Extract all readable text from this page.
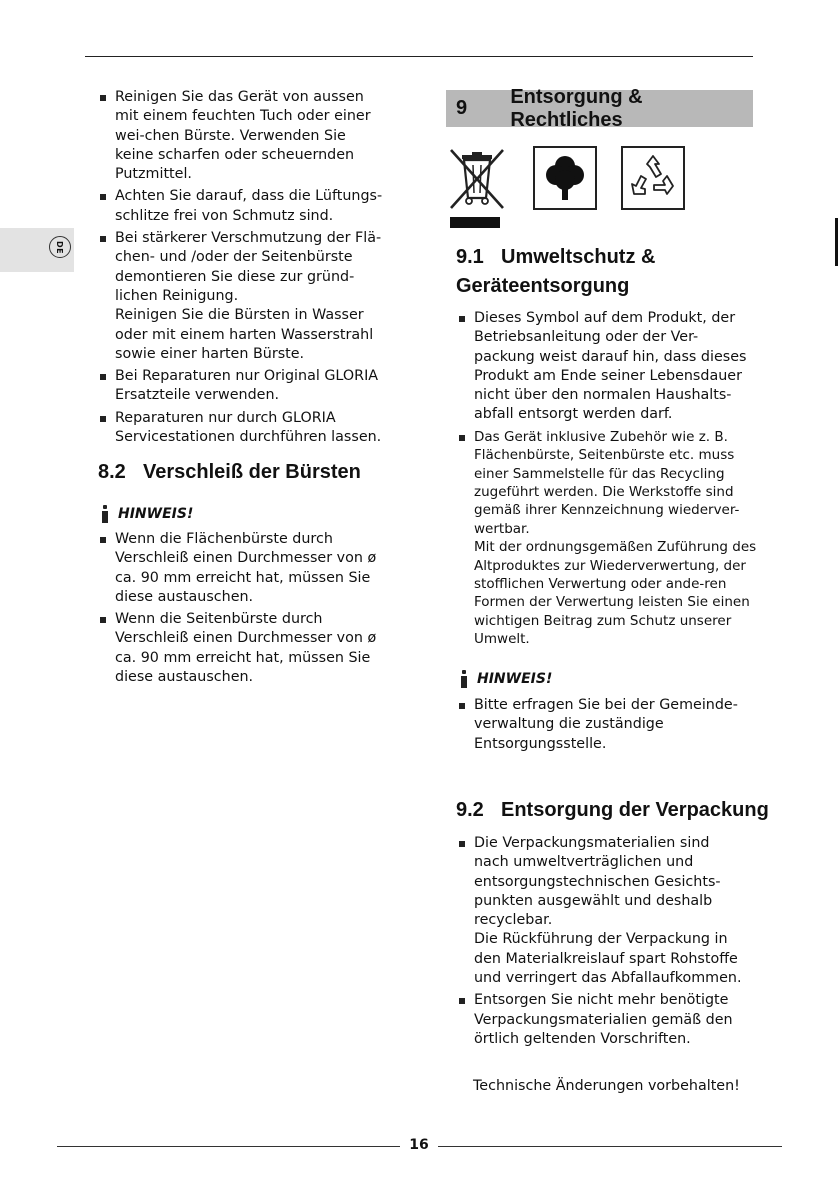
DE
Reinigen Sie das Gerät von aussen mit einem feuchten Tuch oder einer wei-chen Bürste. Verwenden Sie keine scharfen oder scheuernden Putzmittel.
Achten Sie darauf, dass die Lüftungs-schlitze frei von Schmutz sind.

Bei stärkerer Verschmutzung der Flä-chen- und /oder der Seitenbürste demontieren Sie diese zur gründ-lichen Reinigung.

Reinigen Sie die Bürsten in Wasser oder mit einem harten Wasserstrahl sowie einer harten Bürste.

Bei Reparaturen nur Original GLORIA Ersatzteile verwenden.
Reparaturen nur durch GLORIA Servicestationen durchführen lassen.
8.2 Verschleiß der Bürsten
HINWEIS!
Wenn die Flächenbürste durch Verschleiß einen Durchmesser von ø ca. 90 mm erreicht hat, müssen Sie diese austauschen.
Wenn die Seitenbürste durch Verschleiß einen Durchmesser von ø ca. 90 mm erreicht hat, müssen Sie diese austauschen.
9
Entsorgung & Rechtliches
9.1 Umweltschutz &
Geräteentsorgung
Dieses Symbol auf dem Produkt, der Betriebsanleitung oder der Ver-packung weist darauf hin, dass dieses Produkt am Ende seiner Lebensdauer nicht über den normalen Haushalts-abfall entsorgt werden darf.

Das Gerät inklusive Zubehör wie z. B. Flächenbürste, Seitenbürste etc. muss einer Sammelstelle für das Recycling zugeführt werden. Die Werkstoffe sind gemäß ihrer Kennzeichnung wiederver-wertbar.

Mit der ordnungsgemäßen Zuführung des Altproduktes zur Wiederverwertung, der stofflichen Verwertung oder ande-ren Formen der Verwertung leisten Sie einen wichtigen Beitrag zum Schutz unserer Umwelt.

HINWEIS!
Bitte erfragen Sie bei der Gemeinde-verwaltung die zuständige Entsorgungsstelle.
9.2 Entsorgung der Verpackung

Die Verpackungsmaterialien sind nach umweltverträglichen und entsorgungstechnischen Gesichts-punkten ausgewählt und deshalb recyclebar.

Die Rückführung der Verpackung in den Materialkreislauf spart Rohstoffe und verringert das Abfallaufkommen.

Entsorgen Sie nicht mehr benötigte Verpackungsmaterialien gemäß den örtlich geltenden Vorschriften.
Technische Änderungen vorbehalten!
16
